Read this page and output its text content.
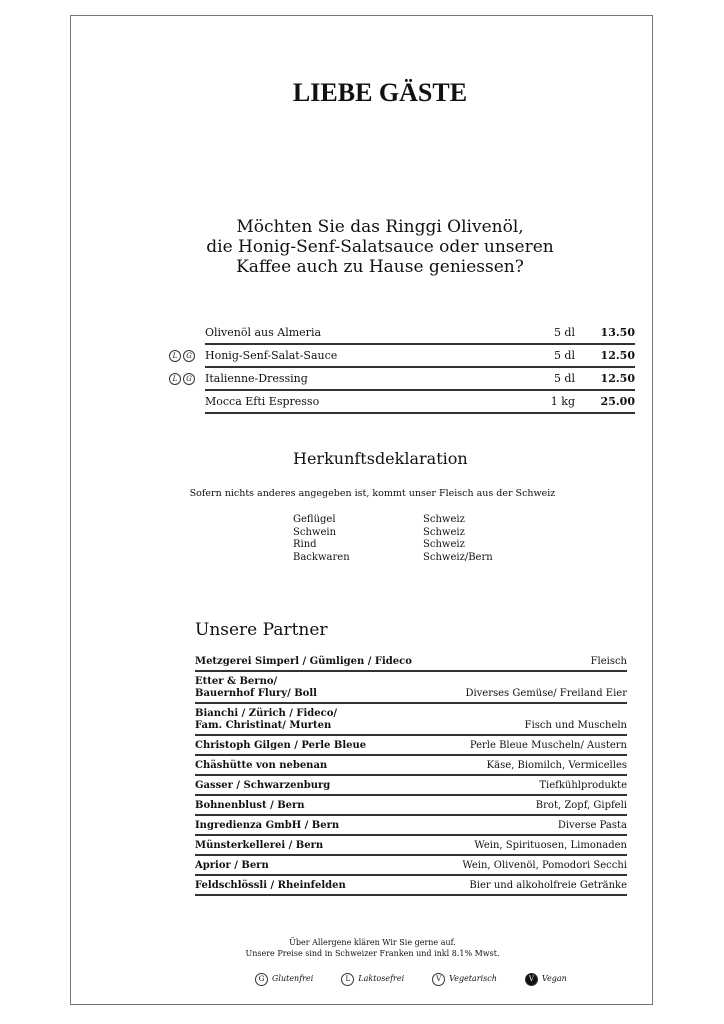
LIEBE GÄSTE
Möchten Sie das Ringgi Olivenöl,
die Honig-Senf-Salatsauce oder unseren
Kaffee auch zu Hause geniessen?
Olivenöl aus Almeria	5 dl	13.50
L	G Honig-Senf-Salat-Sauce	5 dl	12.50
L	G Italienne-Dressing	5 dl	12.50
Mocca Efti Espresso	1 kg	25.00
Herkunftsdeklaration
Sofern nichts anderes angegeben ist, kommt unser Fleisch aus der Schweiz
Geflügel	Schweiz
Schwein	Schweiz
Rind	Schweiz
Backwaren	Schweiz/Bern
Unsere Partner
Metzgerei Simperl / Gümligen / Fideco	Fleisch
Etter & Berno/
Bauernhof Flury/ Boll	Diverses Gemüse/ Freiland Eier
Bianchi / Zürich / Fideco/
Fam. Christinat/ Murten	Fisch und Muscheln
Christoph Gilgen / Perle Bleue	Perle Bleue Muscheln/ Austern
Chäshütte von nebenan	Käse, Biomilch, Vermicelles
Gasser / Schwarzenburg	Tiefkühlprodukte
Bohnenblust / Bern	Brot, Zopf, Gipfeli
Ingredienza GmbH / Bern	Diverse Pasta
Münsterkellerei / Bern	Wein, Spirituosen, Limonaden
Aprior / Bern	Wein, Olivenöl, Pomodori Secchi
Feldschlössli / Rheinfelden	Bier und alkoholfreie Getränke
Über Allergene klären Wir Sie gerne auf.
Unsere Preise sind in Schweizer Franken und inkl 8.1% Mwst.
G Glutenfrei	L Laktosefrei	V Vegetarisch	V Vegan
